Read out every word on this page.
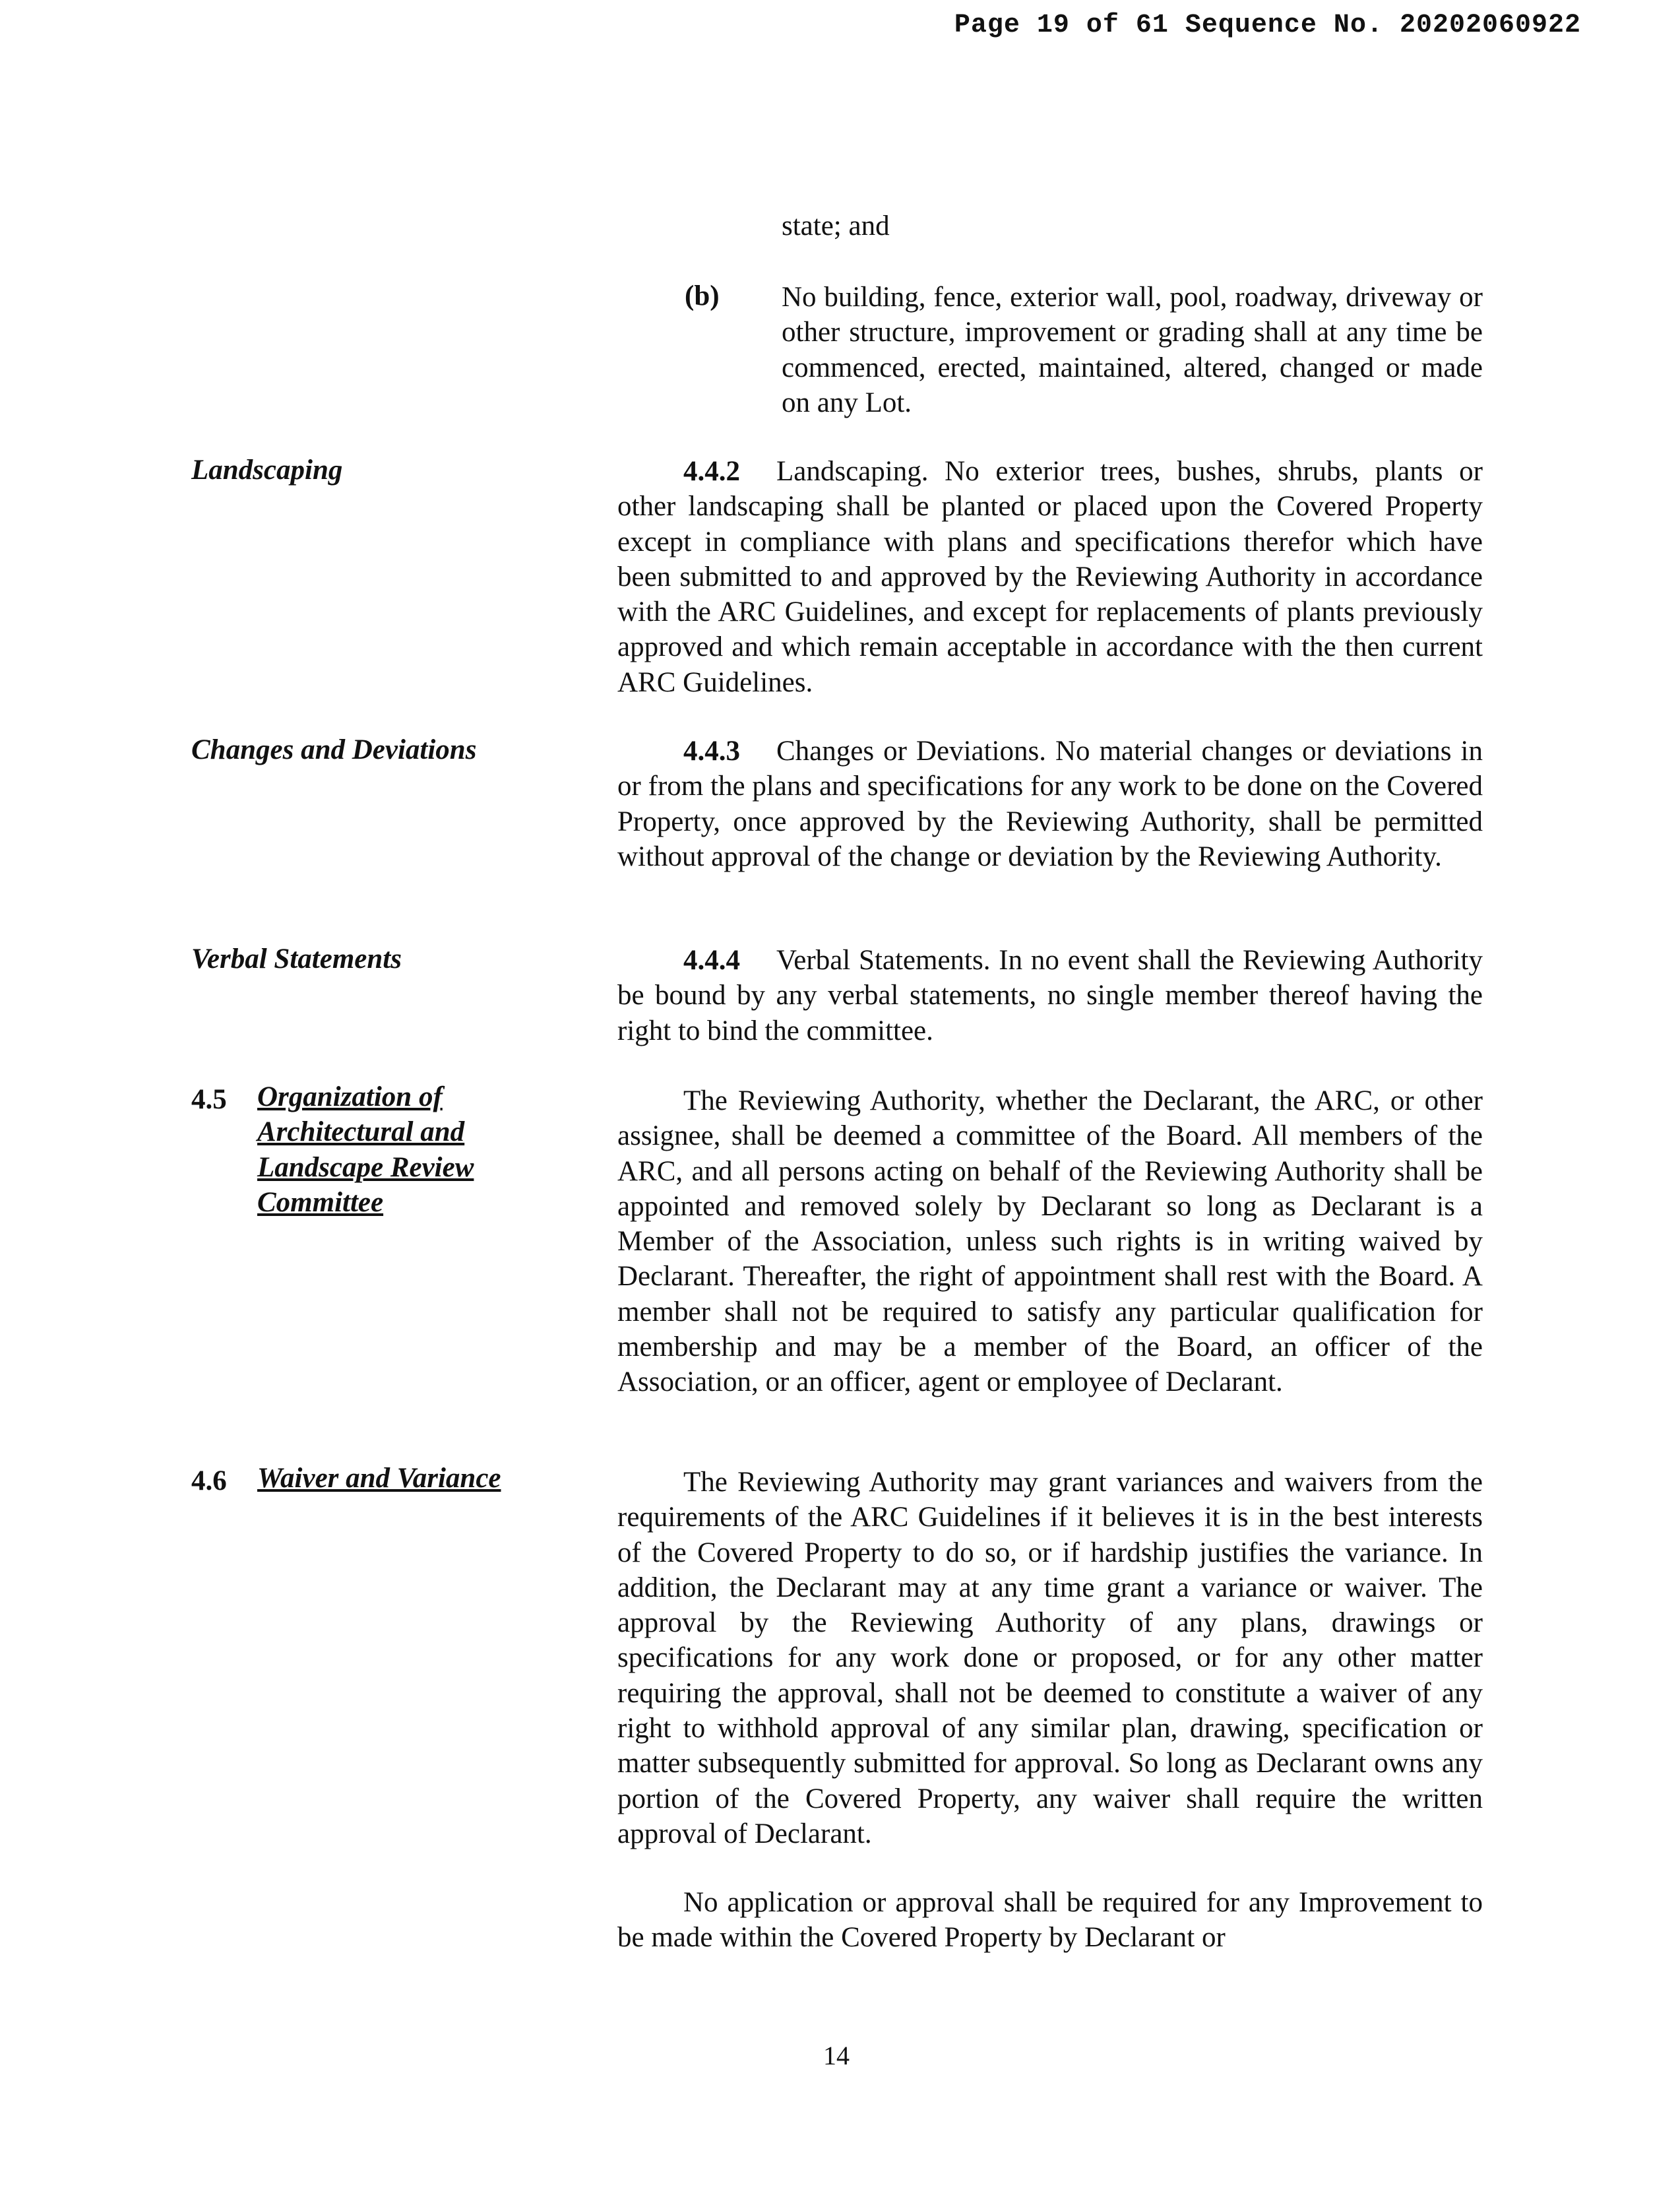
Page 19 of 61 Sequence No. 20202060922
state; and
(b) No building, fence, exterior wall, pool, roadway, driveway or other structure, improvement or grading shall at any time be commenced, erected, maintained, altered, changed or made on any Lot.

Landscaping	4.4.2 Landscaping. No exterior trees, bushes, shrubs, plants or other landscaping shall be planted or placed upon the Covered Property except in compliance with plans and specifications therefor which have been submitted to and approved by the Reviewing Authority in accordance with the ARC Guidelines, and except for replacements of plants previously approved and which remain acceptable in accordance with the then current ARC Guidelines.

Changes and Deviations	4.4.3 Changes or Deviations. No material changes or deviations in or from the plans and specifications for any work to be done on the Covered Property, once approved by the Reviewing Authority, shall be permitted without approval of the change or deviation by the Reviewing Authority.

Verbal Statements	4.4.4 Verbal Statements. In no event shall the Reviewing Authority be bound by any verbal statements, no single member thereof having the right to bind the committee.

4.5 Organization of Architectural and Landscape Review Committee

The Reviewing Authority, whether the Declarant, the ARC, or other assignee, shall be deemed a committee of the Board. All members of the ARC, and all persons acting on behalf of the Reviewing Authority shall be appointed and removed solely by Declarant so long as Declarant is a Member of the Association, unless such rights is in writing waived by Declarant. Thereafter, the right of appointment shall rest with the Board. A member shall not be required to satisfy any particular qualification for membership and may be a member of the Board, an officer of the Association, or an officer, agent or employee of Declarant.

4.6 Waiver and Variance	The Reviewing Authority may grant variances and waivers from the requirements of the ARC Guidelines if it believes it is in the best interests of the Covered Property to do so, or if hardship justifies the variance. In addition, the Declarant may at any time grant a variance or waiver. The approval by the Reviewing Authority of any plans, drawings or specifications for any work done or proposed, or for any other matter requiring the approval, shall not be deemed to constitute a waiver of any right to withhold approval of any similar plan, drawing, specification or matter subsequently submitted for approval. So long as Declarant owns any portion of the Covered Property, any waiver shall require the written approval of Declarant.

No application or approval shall be required for any Improvement to be made within the Covered Property by Declarant or

14
